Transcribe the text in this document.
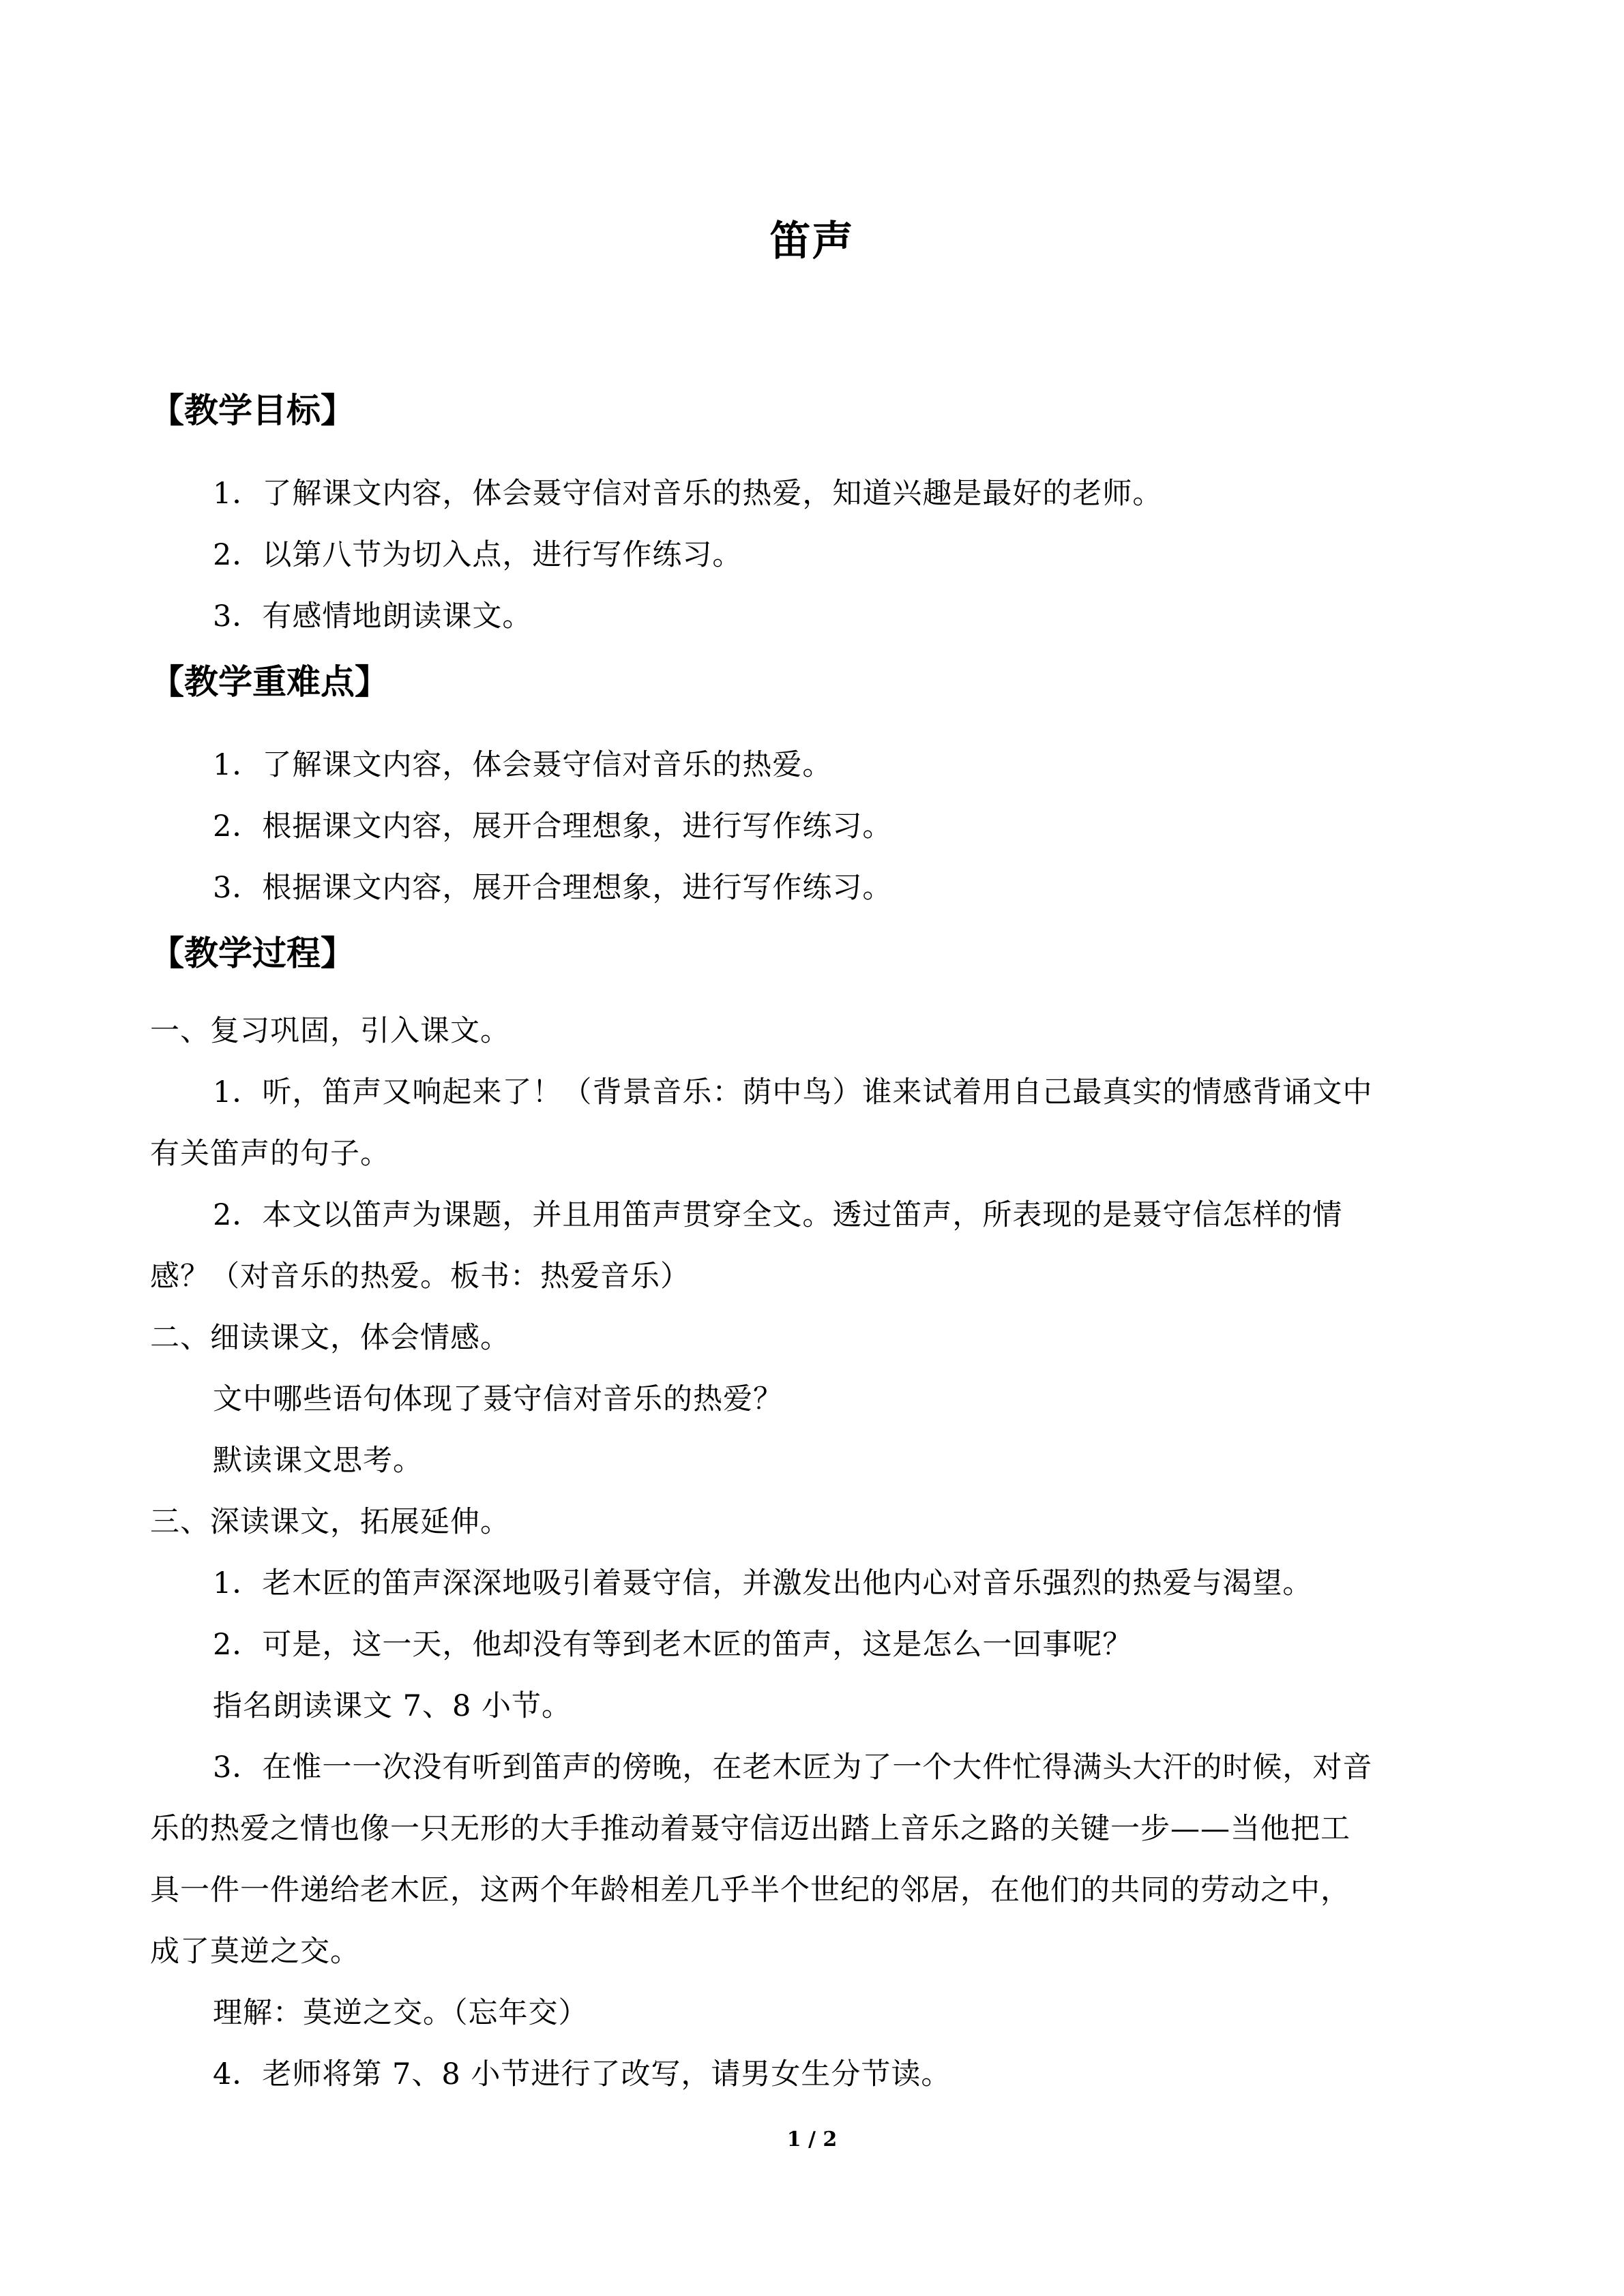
笛声
【教学目标】
1．了解课文内容，体会聂守信对音乐的热爱，知道兴趣是最好的老师。
2．以第八节为切入点，进行写作练习。
3．有感情地朗读课文。
【教学重难点】
1．了解课文内容，体会聂守信对音乐的热爱。
2．根据课文内容，展开合理想象，进行写作练习。
3．根据课文内容，展开合理想象，进行写作练习。
【教学过程】
一、复习巩固，引入课文。
1．听，笛声又响起来了！（背景音乐：荫中鸟）谁来试着用自己最真实的情感背诵文中
有关笛声的句子。
2．本文以笛声为课题，并且用笛声贯穿全文。透过笛声，所表现的是聂守信怎样的情
感？（对音乐的热爱。板书：热爱音乐）
二、细读课文，体会情感。
文中哪些语句体现了聂守信对音乐的热爱？
默读课文思考。
三、深读课文，拓展延伸。
1．老木匠的笛声深深地吸引着聂守信，并激发出他内心对音乐强烈的热爱与渴望。
2．可是，这一天，他却没有等到老木匠的笛声，这是怎么一回事呢？
指名朗读课文 7、8 小节。
3．在惟一一次没有听到笛声的傍晚，在老木匠为了一个大件忙得满头大汗的时候，对音
乐的热爱之情也像一只无形的大手推动着聂守信迈出踏上音乐之路的关键一步——当他把工
具一件一件递给老木匠，这两个年龄相差几乎半个世纪的邻居，在他们的共同的劳动之中，
成了莫逆之交。
理解：莫逆之交。（忘年交）
4．老师将第 7、8 小节进行了改写，请男女生分节读。
1 / 2
